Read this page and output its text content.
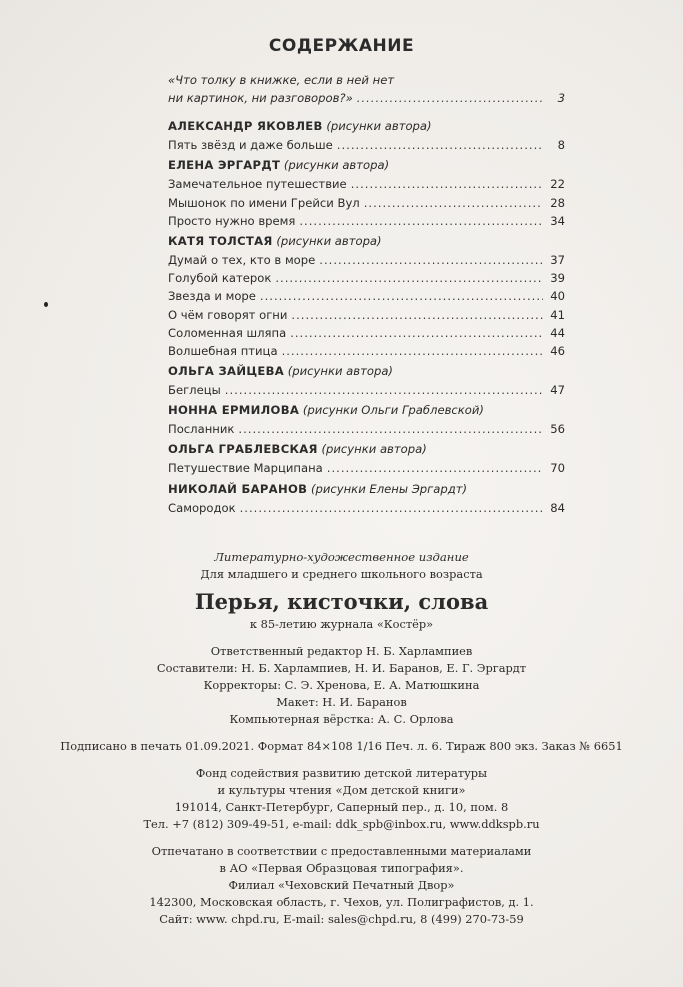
СОДЕРЖАНИЕ
«Что толку в книжке, если в ней нет
ни картинок, ни разговоров?» .....	3
АЛЕКСАНДР ЯКОВЛЕВ (рисунки автора)
Пять звёзд и даже больше .....	8
ЕЛЕНА ЭРГАРДТ (рисунки автора)
Замечательное путешествие .....	22
Мышонок по имени Грейси Вул .....	28
Просто нужно время .....	34
КАТЯ ТОЛСТАЯ (рисунки автора)
Думай о тех, кто в море .....	37
Голубой катерок .....	39
Звезда и море .....	40
О чём говорят огни .....	41
Соломенная шляпа .....	44
Волшебная птица .....	46
ОЛЬГА ЗАЙЦЕВА (рисунки автора)
Беглецы .....	47
НОННА ЕРМИЛОВА (рисунки Ольги Граблевской)
Посланник .....	56
ОЛЬГА ГРАБЛЕВСКАЯ (рисунки автора)
Петушествие Марципана .....	70
НИКОЛАЙ БАРАНОВ (рисунки Елены Эргардт)
Самородок .....	84
Литературно-художественное издание
Для младшего и среднего школьного возраста
Перья, кисточки, слова
к 85-летию журнала «Костёр»
Ответственный редактор Н. Б. Харлампиев
Составители: Н. Б. Харлампиев, Н. И. Баранов, Е. Г. Эргардт
Корректоры: С. Э. Хренова, Е. А. Матюшкина
Макет: Н. И. Баранов
Компьютерная вёрстка: А. С. Орлова
Подписано в печать 01.09.2021. Формат 84×108 1/16 Печ. л. 6. Тираж 800 экз. Заказ № 6651
Фонд содействия развитию детской литературы
и культуры чтения «Дом детской книги»
191014, Санкт-Петербург, Саперный пер., д. 10, пом. 8
Тел. +7 (812) 309-49-51, e-mail: ddk_spb@inbox.ru, www.ddkspb.ru
Отпечатано в соответствии с предоставленными материалами
в АО «Первая Образцовая типография».
Филиал «Чеховский Печатный Двор»
142300, Московская область, г. Чехов, ул. Полиграфистов, д. 1.
Сайт: www. chpd.ru, E-mail: sales@chpd.ru, 8 (499) 270-73-59
